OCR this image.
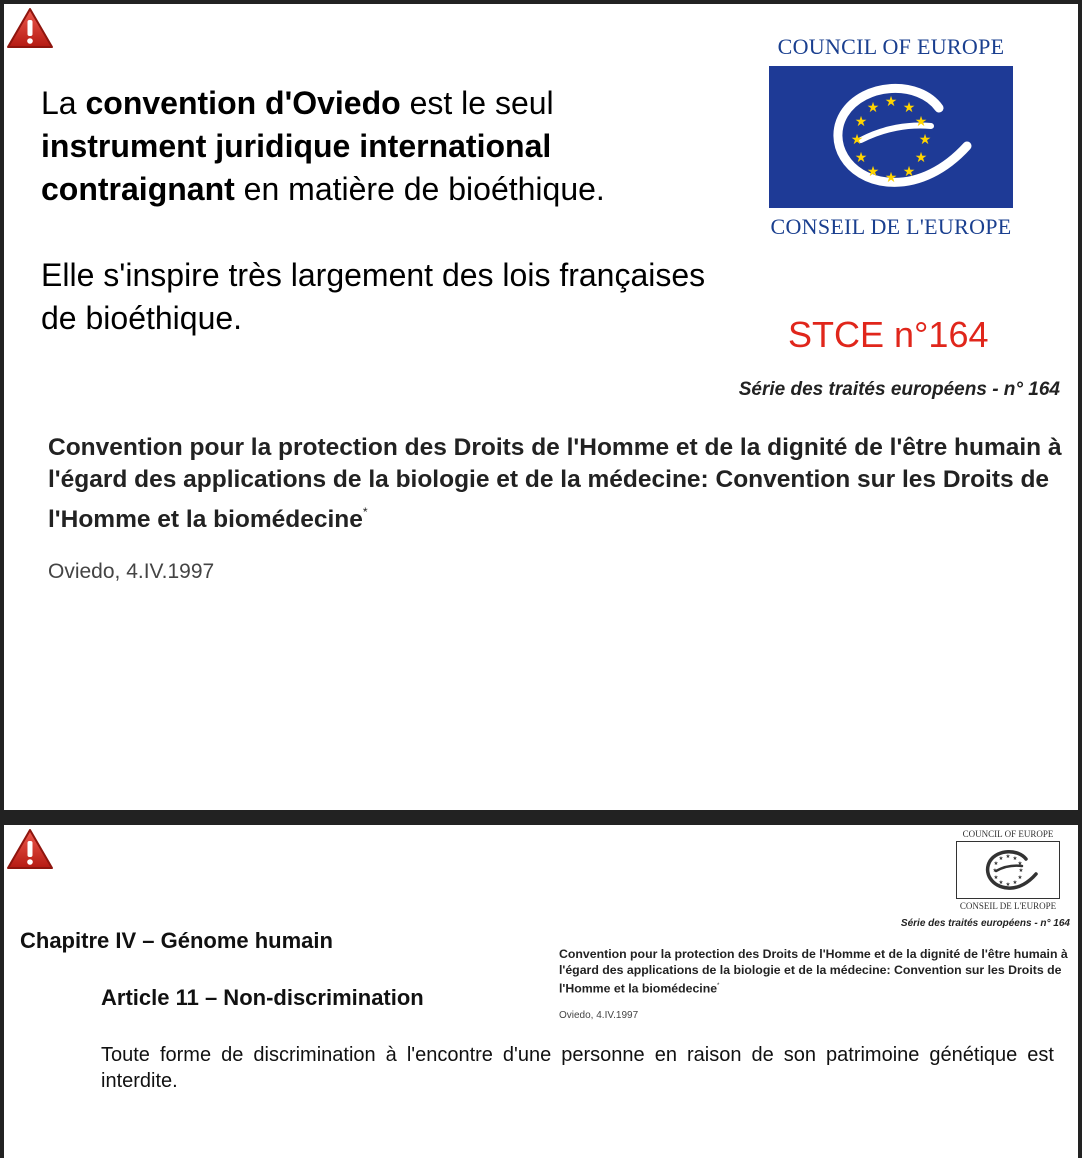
La convention d'Oviedo est le seul instrument juridique international contraignant en matière de bioéthique.

Elle s'inspire très largement des lois françaises de bioéthique.

COUNCIL OF EUROPE
★ ★
★
★
★
★
★
★
★
★
★
★
CONSEIL DE L'EUROPE
STCE n°164
Série des traités européens - n° 164

Convention pour la protection des Droits de l'Homme et de la dignité de l'être humain à l'égard des applications de la biologie et de la médecine: Convention sur les Droits de l'Homme et la biomédecine*

Oviedo, 4.IV.1997
Chapitre IV – Génome humain
Article 11 – Non-discrimination

Toute forme de discrimination à l'encontre d'une personne en raison de son patrimoine génétique est interdite.

COUNCIL OF EUROPE
★ ★
★
★
★
★
★
★
★
★
★
★
CONSEIL DE L'EUROPE
Série des traités européens - n° 164

Convention pour la protection des Droits de l'Homme et de la dignité de l'être humain à l'égard des applications de la biologie et de la médecine: Convention sur les Droits de l'Homme et la biomédecine*

Oviedo, 4.IV.1997
